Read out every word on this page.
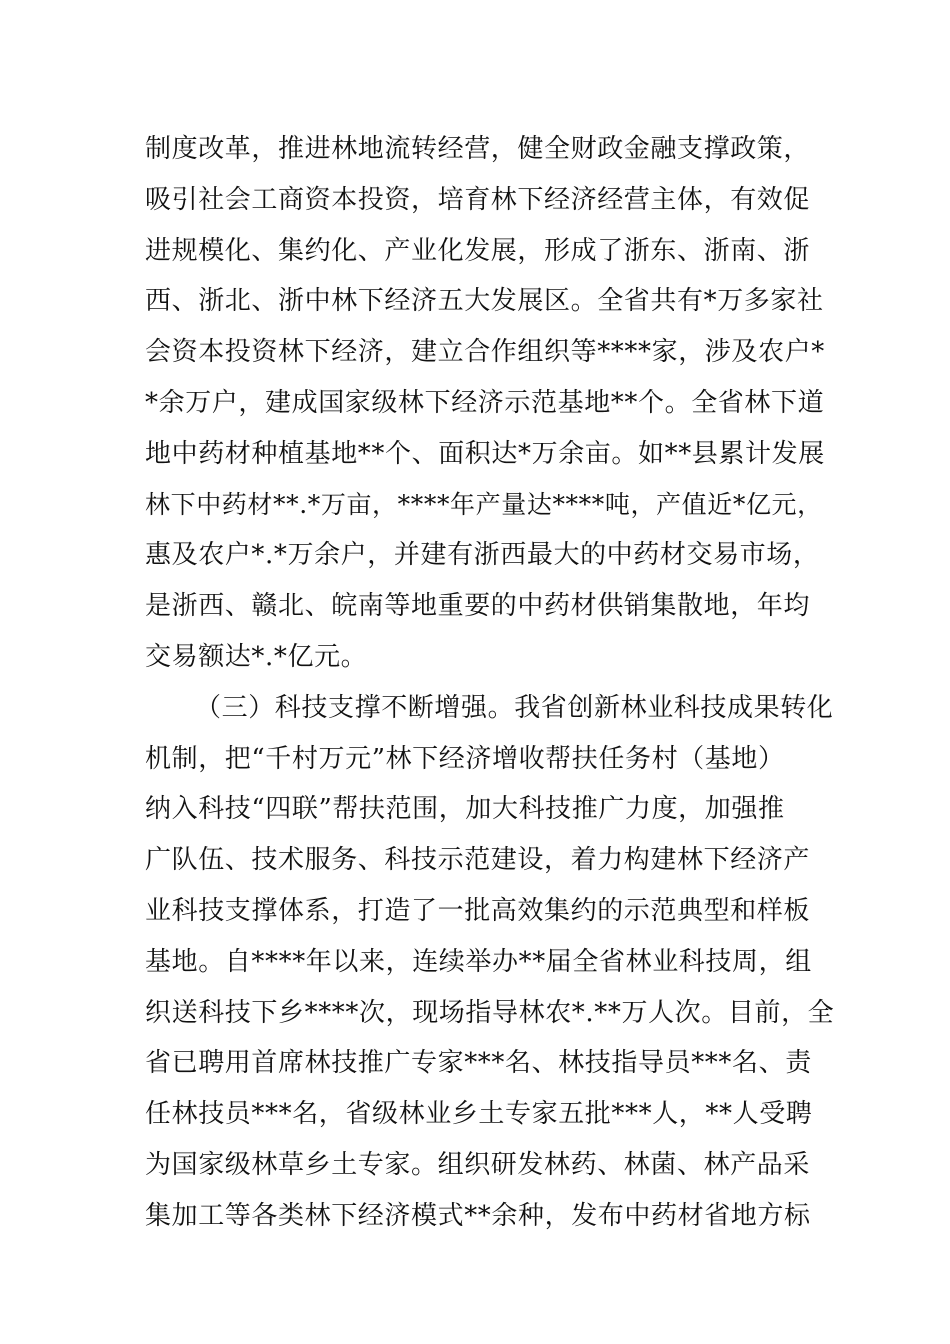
制度改革，推进林地流转经营，健全财政金融支撑政策，
吸引社会工商资本投资，培育林下经济经营主体，有效促
进规模化、集约化、产业化发展，形成了浙东、浙南、浙
西、浙北、浙中林下经济五大发展区。全省共有*万多家社
会资本投资林下经济，建立合作组织等****家，涉及农户*
*余万户，建成国家级林下经济示范基地**个。全省林下道
地中药材种植基地**个、面积达*万余亩。如**县累计发展
林下中药材**.*万亩，****年产量达****吨，产值近*亿元，
惠及农户*.*万余户，并建有浙西最大的中药材交易市场，
是浙西、赣北、皖南等地重要的中药材供销集散地，年均
交易额达*.*亿元。
（三）科技支撑不断增强。我省创新林业科技成果转化
机制，把“千村万元”林下经济增收帮扶任务村（基地）
纳入科技“四联”帮扶范围，加大科技推广力度，加强推
广队伍、技术服务、科技示范建设，着力构建林下经济产
业科技支撑体系，打造了一批高效集约的示范典型和样板
基地。自****年以来，连续举办**届全省林业科技周，组
织送科技下乡****次，现场指导林农*.**万人次。目前，全
省已聘用首席林技推广专家***名、林技指导员***名、责
任林技员***名，省级林业乡土专家五批***人，**人受聘
为国家级林草乡土专家。组织研发林药、林菌、林产品采
集加工等各类林下经济模式**余种，发布中药材省地方标
